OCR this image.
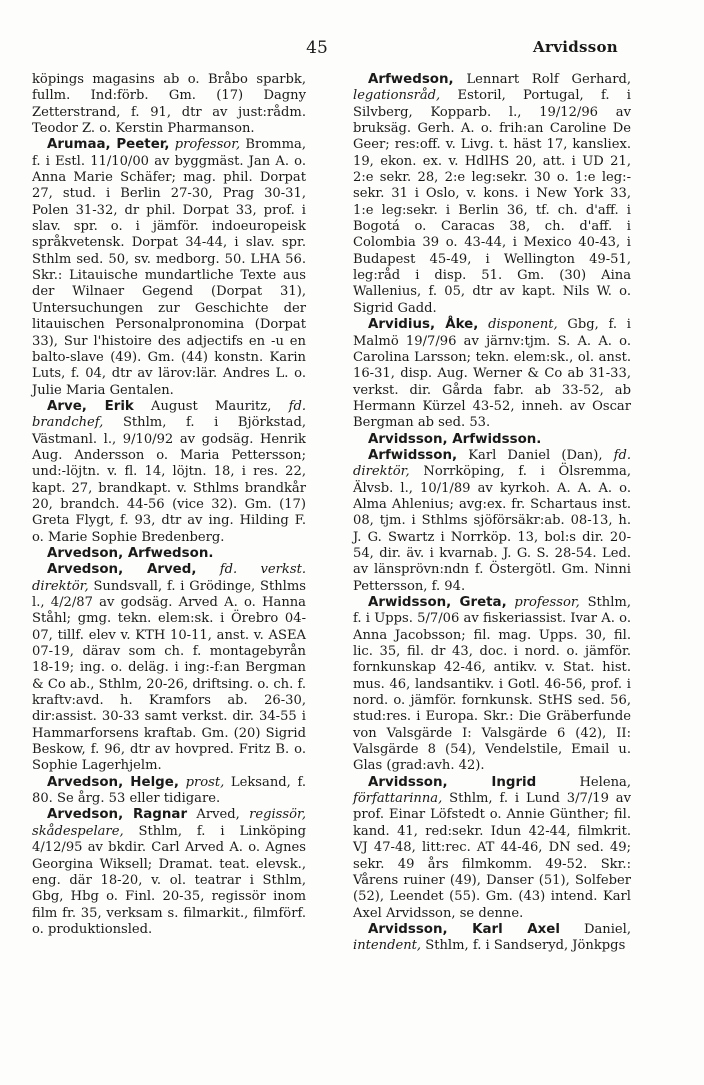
45	Arvidsson

köpings magasins ab o. Bråbo sparbk, fullm. Ind:förb. Gm. (17) Dagny Zetterstrand, f. 91, dtr av just:rådm. Teodor Z. o. Kerstin Pharmanson.

Arumaa, Peeter, professor, Bromma, f. i Estl. 11/10/00 av byggmäst. Jan A. o. Anna Marie Schäfer; mag. phil. Dorpat 27, stud. i Berlin 27-30, Prag 30-31, Polen 31-32, dr phil. Dorpat 33, prof. i slav. spr. o. i jämför. indoeuropeisk språkvetensk. Dorpat 34-44, i slav. spr. Sthlm sed. 50, sv. medborg. 50. LHA 56. Skr.: Litauische mundartliche Texte aus der Wilnaer Gegend (Dorpat 31), Untersuchungen zur Geschichte der litauischen Personalpronomina (Dorpat 33), Sur l'histoire des adjectifs en -u en balto-slave (49). Gm. (44) konstn. Karin Luts, f. 04, dtr av lärov:lär. Andres L. o. Julie Maria Gentalen.

Arve, Erik August Mauritz, fd. brandchef, Sthlm, f. i Björkstad, Västmanl. l., 9/10/92 av godsäg. Henrik Aug. Andersson o. Maria Pettersson; und:-löjtn. v. fl. 14, löjtn. 18, i res. 22, kapt. 27, brandkapt. v. Sthlms brandkår 20, brandch. 44-56 (vice 32). Gm. (17) Greta Flygt, f. 93, dtr av ing. Hilding F. o. Marie Sophie Bredenberg.

Arvedson, Arfwedson.

Arvedson, Arved, fd. verkst. direktör, Sundsvall, f. i Grödinge, Sthlms l., 4/2/87 av godsäg. Arved A. o. Hanna Ståhl; gmg. tekn. elem:sk. i Örebro 04-07, tillf. elev v. KTH 10-11, anst. v. ASEA 07-19, därav som ch. f. montagebyrån 18-19; ing. o. deläg. i ing:-f:an Bergman & Co ab., Sthlm, 20-26, driftsing. o. ch. f. kraftv:avd. h. Kramfors ab. 26-30, dir:assist. 30-33 samt verkst. dir. 34-55 i Hammarforsens kraftab. Gm. (20) Sigrid Beskow, f. 96, dtr av hovpred. Fritz B. o. Sophie Lagerhjelm.

Arvedson, Helge, prost, Leksand, f. 80. Se årg. 53 eller tidigare.

Arvedson, Ragnar Arved, regissör, skådespelare, Sthlm, f. i Linköping 4/12/95 av bkdir. Carl Arved A. o. Agnes Georgina Wiksell; Dramat. teat. elevsk., eng. där 18-20, v. ol. teatrar i Sthlm, Gbg, Hbg o. Finl. 20-35, regissör inom film fr. 35, verksam s. filmarkit., filmförf. o. produktionsled.

Arfwedson, Lennart Rolf Gerhard, legationsråd, Estoril, Portugal, f. i Silvberg, Kopparb. l., 19/12/96 av bruksäg. Gerh. A. o. frih:an Caroline De Geer; res:off. v. Livg. t. häst 17, kansliex. 19, ekon. ex. v. HdlHS 20, att. i UD 21, 2:e sekr. 28, 2:e leg:sekr. 30 o. 1:e leg:-sekr. 31 i Oslo, v. kons. i New York 33, 1:e leg:sekr. i Berlin 36, tf. ch. d'aff. i Bogotá o. Caracas 38, ch. d'aff. i Colombia 39 o. 43-44, i Mexico 40-43, i Budapest 45-49, i Wellington 49-51, leg:råd i disp. 51. Gm. (30) Aina Wallenius, f. 05, dtr av kapt. Nils W. o. Sigrid Gadd.

Arvidius, Åke, disponent, Gbg, f. i Malmö 19/7/96 av järnv:tjm. S. A. A. o. Carolina Larsson; tekn. elem:sk., ol. anst. 16-31, disp. Aug. Werner & Co ab 31-33, verkst. dir. Gårda fabr. ab 33-52, ab Hermann Kürzel 43-52, inneh. av Oscar Bergman ab sed. 53.

Arvidsson, Arfwidsson.

Arfwidsson, Karl Daniel (Dan), fd. direktör, Norrköping, f. i Ölsremma, Älvsb. l., 10/1/89 av kyrkoh. A. A. A. o. Alma Ahlenius; avg:ex. fr. Schartaus inst. 08, tjm. i Sthlms sjöförsäkr:ab. 08-13, h. J. G. Swartz i Norrköp. 13, bol:s dir. 20-54, dir. äv. i kvarnab. J. G. S. 28-54. Led. av länsprövn:ndn f. Östergötl. Gm. Ninni Pettersson, f. 94.

Arwidsson, Greta, professor, Sthlm, f. i Upps. 5/7/06 av fiskeriassist. Ivar A. o. Anna Jacobsson; fil. mag. Upps. 30, fil. lic. 35, fil. dr 43, doc. i nord. o. jämför. fornkunskap 42-46, antikv. v. Stat. hist. mus. 46, landsantikv. i Gotl. 46-56, prof. i nord. o. jämför. fornkunsk. StHS sed. 56, stud:res. i Europa. Skr.: Die Gräberfunde von Valsgärde I: Valsgärde 6 (42), II: Valsgärde 8 (54), Vendelstile, Email u. Glas (grad:avh. 42).

Arvidsson, Ingrid	Helena, författarinna, Sthlm, f. i Lund 3/7/19 av prof. Einar Löfstedt o. Annie Günther; fil. kand. 41, red:sekr. Idun 42-44, filmkrit. VJ 47-48, litt:rec. AT 44-46, DN sed. 49; sekr. 49 års filmkomm. 49-52. Skr.: Vårens ruiner (49), Danser (51), Solfeber (52), Leendet (55). Gm. (43) intend. Karl Axel Arvidsson, se denne.

Arvidsson, Karl Axel Daniel, intendent, Sthlm, f. i Sandseryd, Jönkpgs
